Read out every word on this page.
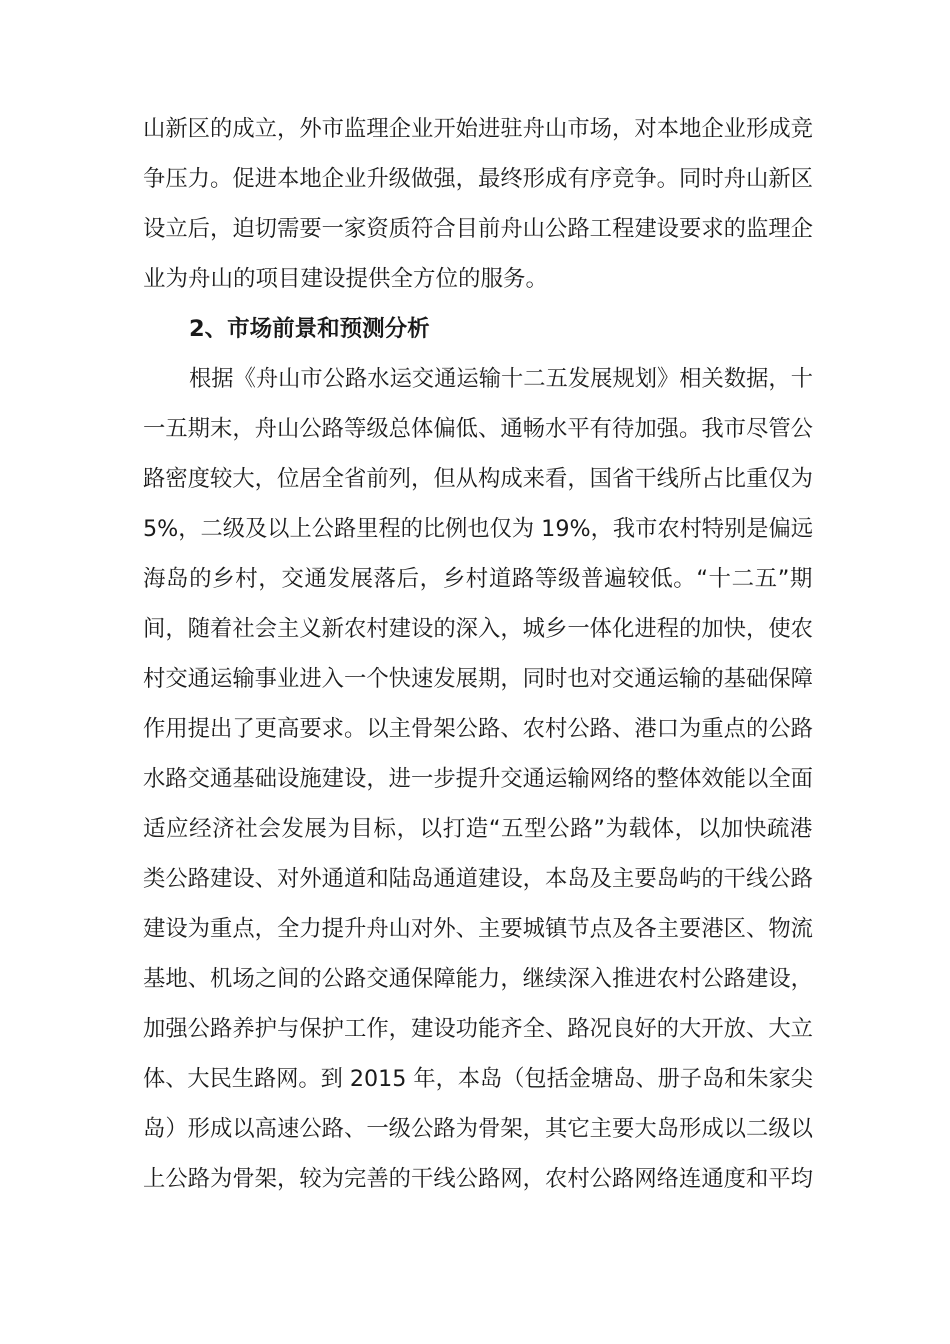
山新区的成立，外市监理企业开始进驻舟山市场，对本地企业形成竞
争压力。促进本地企业升级做强，最终形成有序竞争。同时舟山新区
设立后，迫切需要一家资质符合目前舟山公路工程建设要求的监理企
业为舟山的项目建设提供全方位的服务。
2、市场前景和预测分析
根据《舟山市公路水运交通运输十二五发展规划》相关数据，十
一五期末，舟山公路等级总体偏低、通畅水平有待加强。我市尽管公
路密度较大，位居全省前列，但从构成来看，国省干线所占比重仅为
5%，二级及以上公路里程的比例也仅为 19%，我市农村特别是偏远
海岛的乡村，交通发展落后，乡村道路等级普遍较低。“十二五”期
间，随着社会主义新农村建设的深入，城乡一体化进程的加快，使农
村交通运输事业进入一个快速发展期，同时也对交通运输的基础保障
作用提出了更高要求。以主骨架公路、农村公路、港口为重点的公路
水路交通基础设施建设，进一步提升交通运输网络的整体效能以全面
适应经济社会发展为目标，以打造“五型公路”为载体，以加快疏港
类公路建设、对外通道和陆岛通道建设，本岛及主要岛屿的干线公路
建设为重点，全力提升舟山对外、主要城镇节点及各主要港区、物流
基地、机场之间的公路交通保障能力，继续深入推进农村公路建设，
加强公路养护与保护工作，建设功能齐全、路况良好的大开放、大立
体、大民生路网。到 2015 年，本岛（包括金塘岛、册子岛和朱家尖
岛）形成以高速公路、一级公路为骨架，其它主要大岛形成以二级以
上公路为骨架，较为完善的干线公路网，农村公路网络连通度和平均
